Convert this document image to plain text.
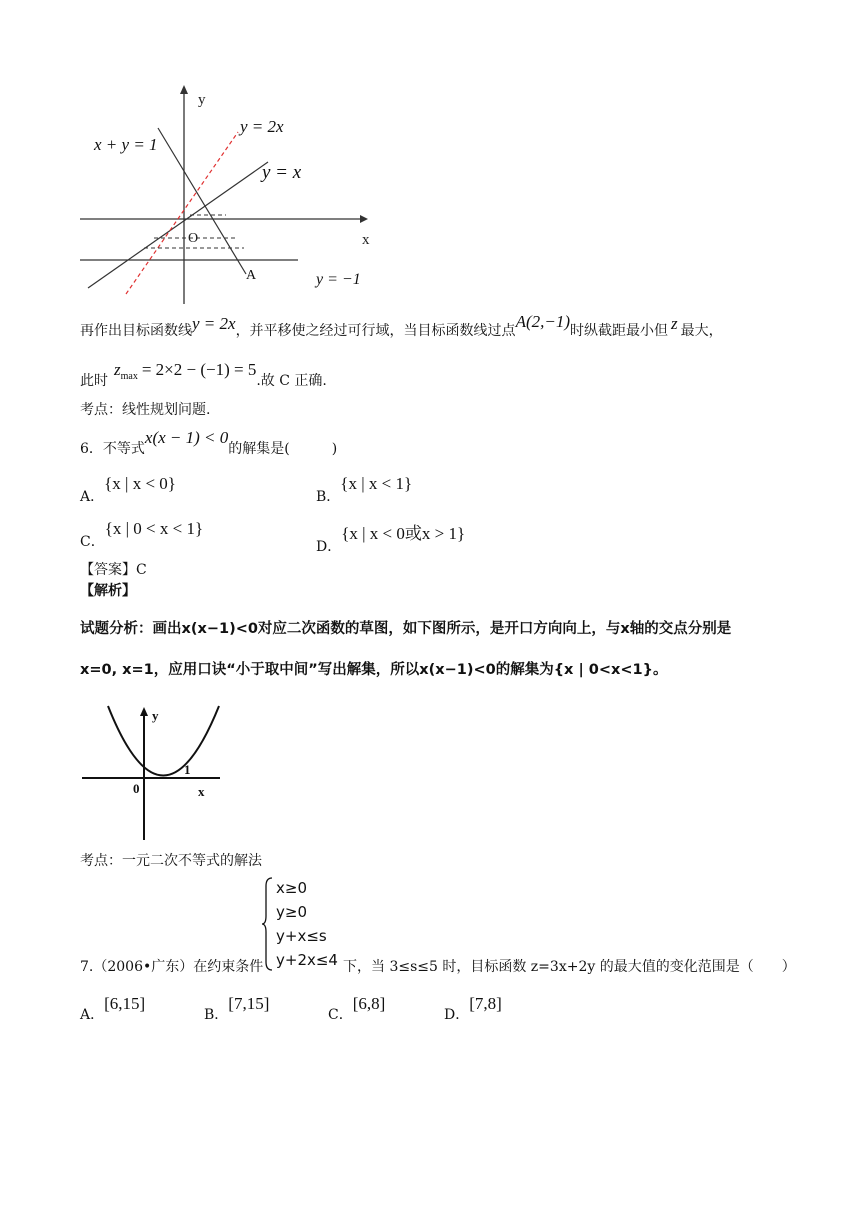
y
x
O
x + y = 1
y = 2x
y = x
y = −1
A
再作出目标函数线y = 2x，并平移使之经过可行域，当目标函数线过点A(2,−1)时纵截距最小但 z 最大，
此时$z_{max} = 2\times 2 - (-1) = 5$.故 C 正确.
考点：线性规划问题.
6．不等式x(x − 1) < 0的解集是(　　　)
A．{x | x < 0}
B．{x | x < 1}
C．{x | 0 < x < 1}
D．{x | x < 0或x > 1}
【答案】C
【解析】
试题分析：画出x(x−1)<0对应二次函数的草图，如下图所示，是开口方向向上，与x轴的交点分别是
x=0, x=1，应用口诀“小于取中间”写出解集，所以x(x−1)<0的解集为{x | 0<x<1}。
y
x
0
1
考点：一元二次不等式的解法
x≥0
y≥0
y+x≤s
y+2x≤4
7.（2006•广东）在约束条件	下，当 3≤s≤5 时，目标函数 z=3x+2y 的最大值的变化范围是（　　）
A．[6,15]
B．[7,15]
C．[6,8]
D．[7,8]
